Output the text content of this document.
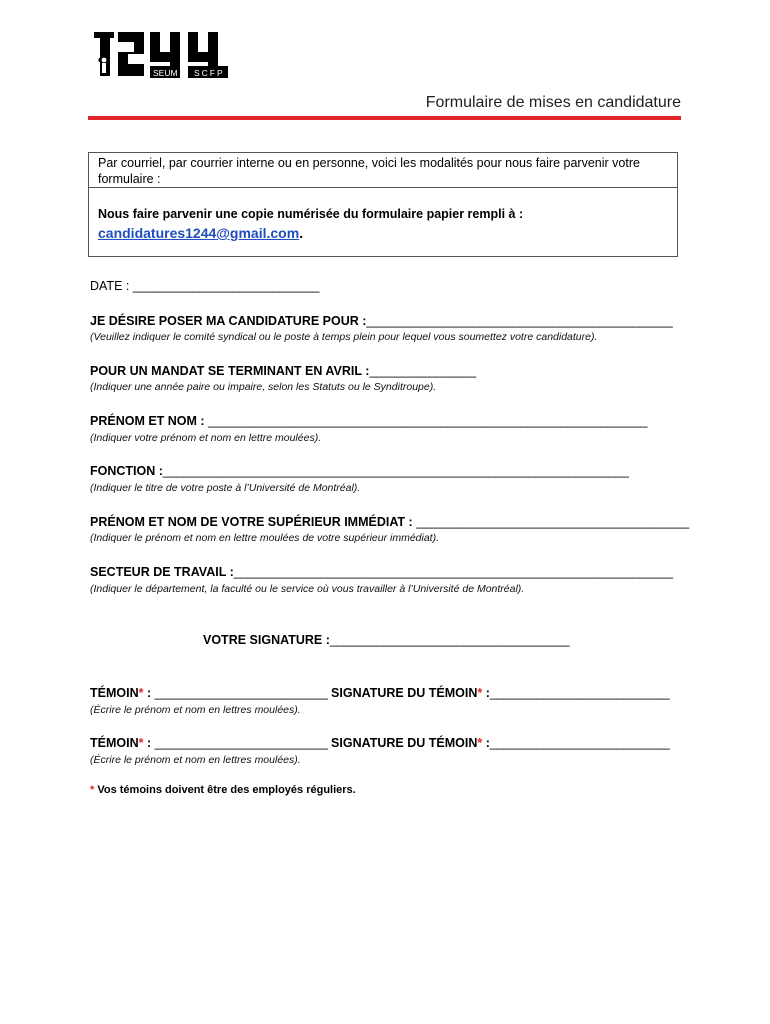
SEUM SCFP
Formulaire de mises en candidature
Par courriel, par courrier interne ou en personne, voici les modalités pour nous faire parvenir votre formulaire :
Nous faire parvenir une copie numérisée du formulaire papier rempli à :
candidatures1244@gmail.com.
DATE : ____________________________
JE DÉSIRE POSER MA CANDIDATURE POUR :______________________________________________
(Veuillez indiquer le comité syndical ou le poste à temps plein pour lequel vous soumettez votre candidature).
POUR UN MANDAT SE TERMINANT EN AVRIL :________________
(Indiquer une année paire ou impaire, selon les Statuts ou le Synditroupe).
PRÉNOM ET NOM : __________________________________________________________________
(Indiquer votre prénom et nom en lettre moulées).
FONCTION :______________________________________________________________________
(Indiquer le titre de votre poste à l’Université de Montréal).
PRÉNOM ET NOM DE VOTRE SUPÉRIEUR IMMÉDIAT : _________________________________________
(Indiquer le prénom et nom en lettre moulées de votre supérieur immédiat).
SECTEUR DE TRAVAIL :__________________________________________________________________
(Indiquer le département, la faculté ou le service où vous travailler à l’Université de Montréal).
VOTRE SIGNATURE :____________________________________
TÉMOIN* : __________________________ SIGNATURE DU TÉMOIN* :___________________________
(Écrire le prénom et nom en lettres moulées).
TÉMOIN* : __________________________ SIGNATURE DU TÉMOIN* :___________________________
(Écrire le prénom et nom en lettres moulées).
* Vos témoins doivent être des employés réguliers.
